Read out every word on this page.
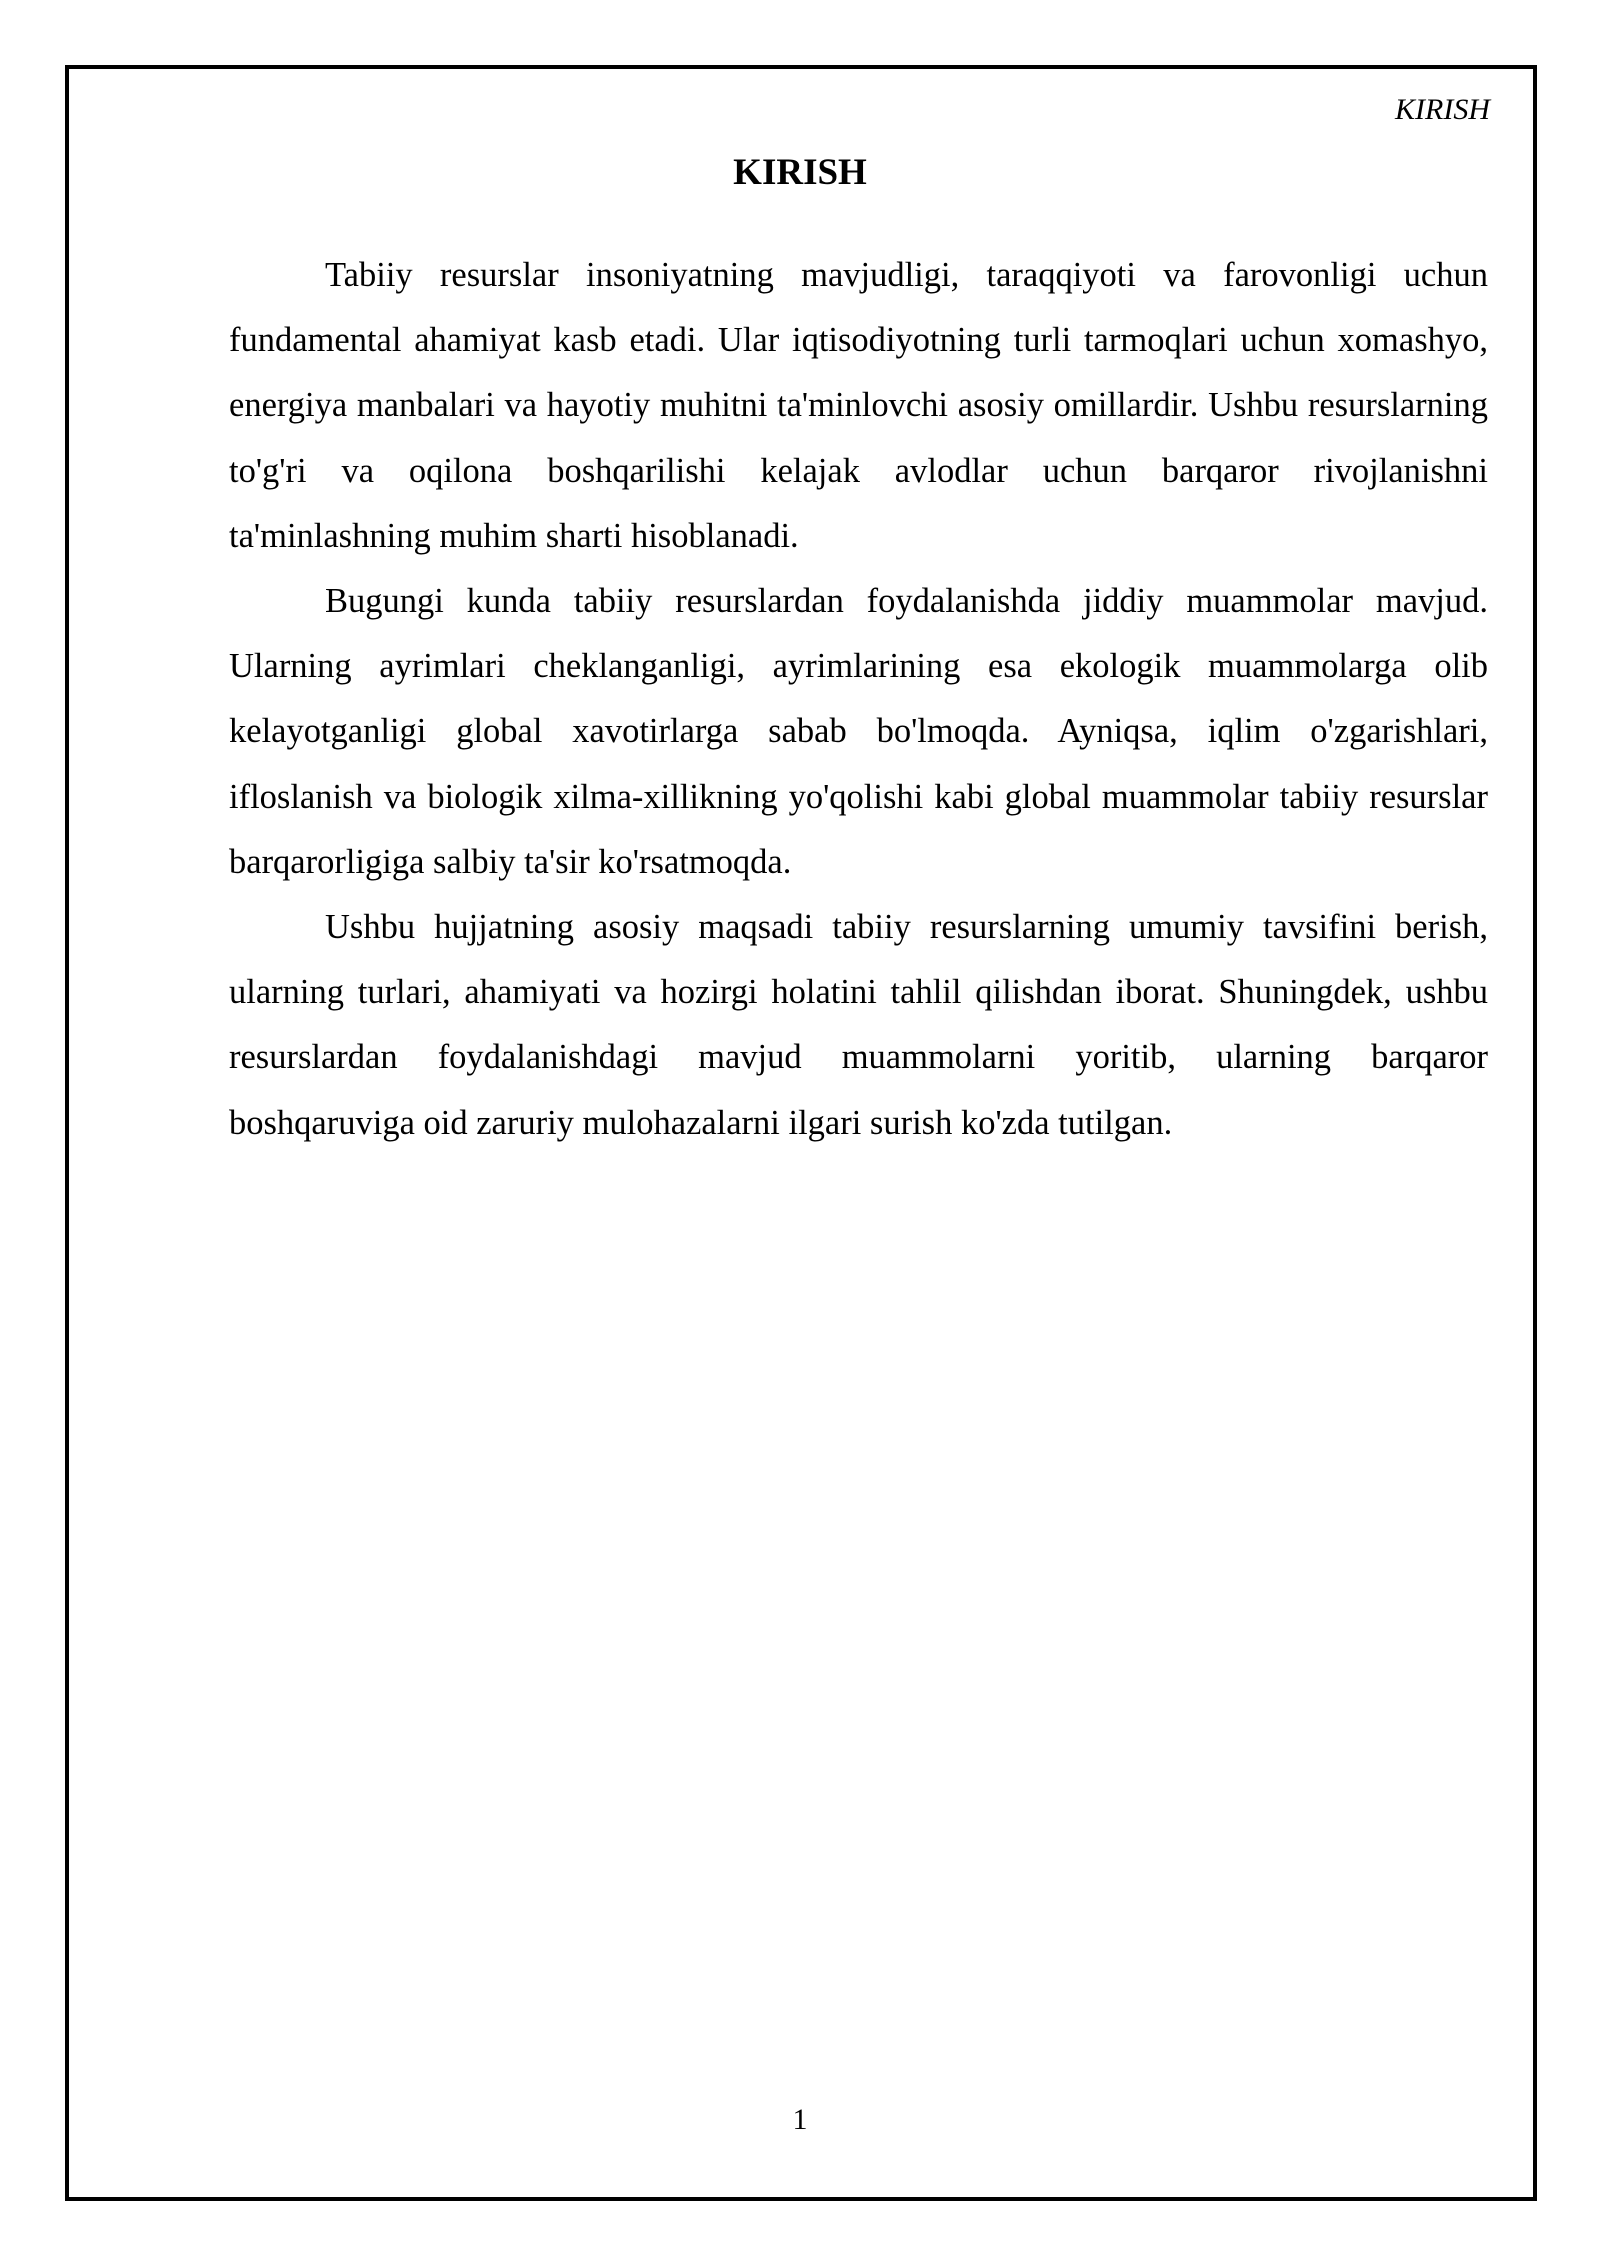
KIRISH
KIRISH

Tabiiy resurslar insoniyatning mavjudligi, taraqqiyoti va farovonligi uchun fundamental ahamiyat kasb etadi. Ular iqtisodiyotning turli tarmoqlari uchun xomashyo, energiya manbalari va hayotiy muhitni ta'minlovchi asosiy omillardir. Ushbu resurslarning to'g'ri va oqilona boshqarilishi kelajak avlodlar uchun barqaror rivojlanishni ta'minlashning muhim sharti hisoblanadi.

Bugungi kunda tabiiy resurslardan foydalanishda jiddiy muammolar mavjud. Ularning ayrimlari cheklanganligi, ayrimlarining esa ekologik muammolarga olib kelayotganligi global xavotirlarga sabab bo'lmoqda. Ayniqsa, iqlim o'zgarishlari, ifloslanish va biologik xilma-xillikning yo'qolishi kabi global muammolar tabiiy resurslar barqarorligiga salbiy ta'sir ko'rsatmoqda.

Ushbu hujjatning asosiy maqsadi tabiiy resurslarning umumiy tavsifini berish, ularning turlari, ahamiyati va hozirgi holatini tahlil qilishdan iborat. Shuningdek, ushbu resurslardan foydalanishdagi mavjud muammolarni yoritib, ularning barqaror boshqaruviga oid zaruriy mulohazalarni ilgari surish ko'zda tutilgan.

1
